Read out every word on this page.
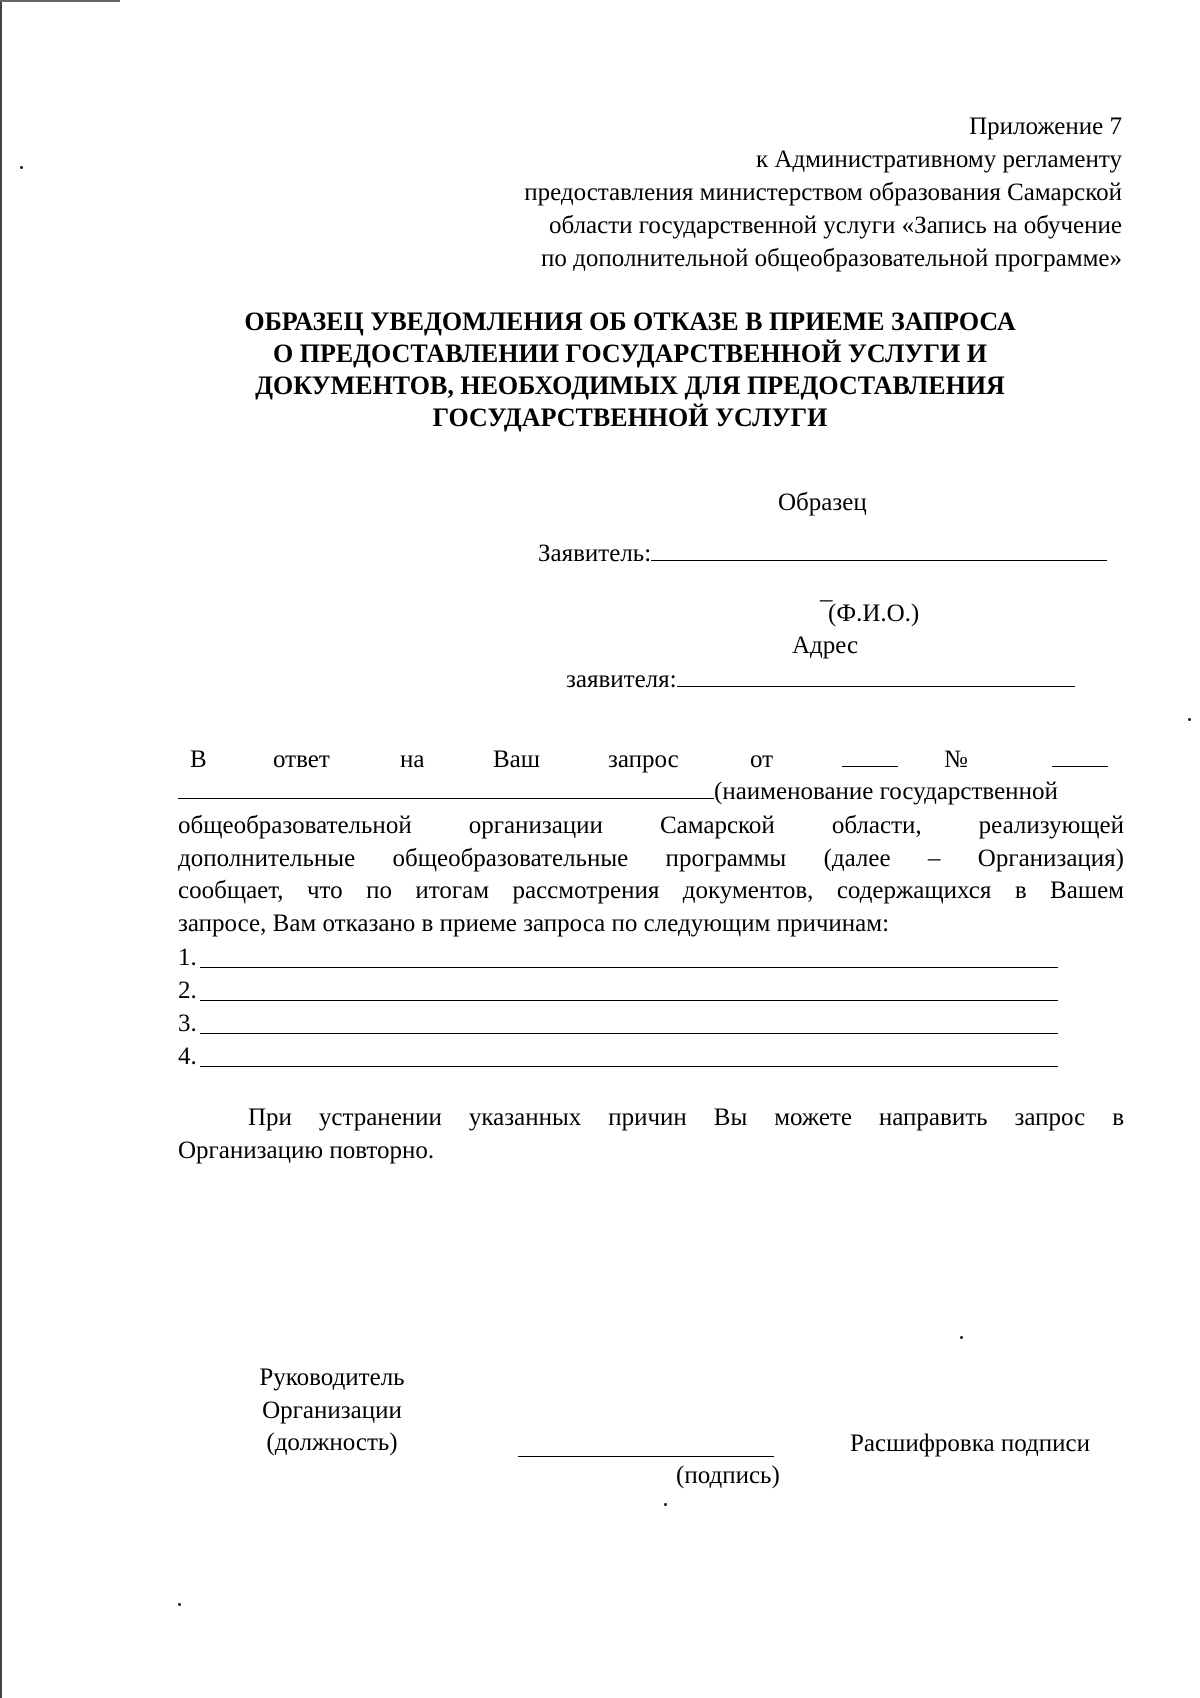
Приложение 7
к Административному регламенту
предоставления министерством образования Самарской
области государственной услуги «Запись на обучение
по дополнительной общеобразовательной программе»
ОБРАЗЕЦ УВЕДОМЛЕНИЯ ОБ ОТКАЗЕ В ПРИЕМЕ ЗАПРОСА
О ПРЕДОСТАВЛЕНИИ ГОСУДАРСТВЕННОЙ УСЛУГИ И
ДОКУМЕНТОВ, НЕОБХОДИМЫХ ДЛЯ ПРЕДОСТАВЛЕНИЯ
ГОСУДАРСТВЕННОЙ УСЛУГИ
Образец
Заявитель:
_
(Ф.И.О.)
Адрес
заявителя:
В	ответ	на	Ваш	запрос	от	№
(наименование государственной
общеобразовательной организации Самарской области, реализующей
дополнительные общеобразовательные программы (далее – Организация)
сообщает, что по итогам рассмотрения документов, содержащихся в Вашем
запросе, Вам отказано в приеме запроса по следующим причинам:
1.
2.
3.
4.
При устранении указанных причин Вы можете направить запрос в
Организацию повторно.
Руководитель
Организации
(должность)
(подпись)
Расшифровка подписи
